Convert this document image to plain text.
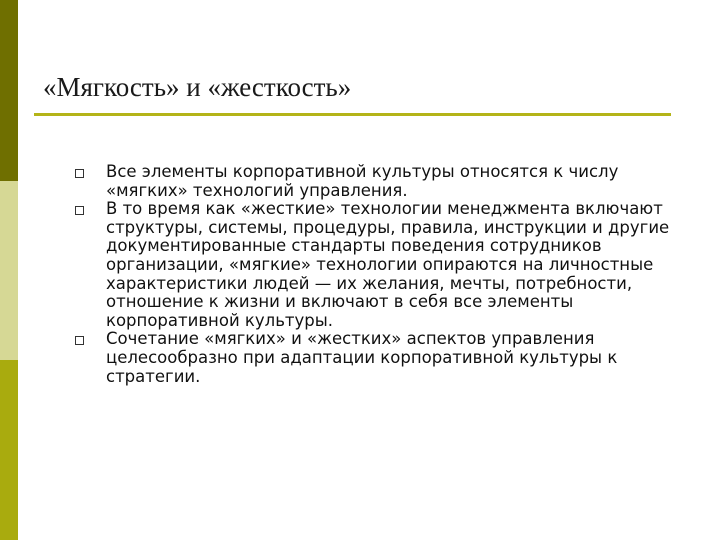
«Мягкость» и «жесткость»
Все элементы корпоративной культуры относятся к числу «мягких» технологий управления.
В то время как «жесткие» технологии менеджмента включают структуры, системы, процедуры, правила, инструкции и другие документированные стандарты поведения сотрудников организации, «мягкие» технологии опираются на личностные характеристики людей — их желания, мечты, потребности, отношение к жизни и включают в себя все элементы корпоративной культуры.
Сочетание «мягких» и «жестких» аспектов управления целесообразно при адаптации корпоративной культуры к стратегии.
